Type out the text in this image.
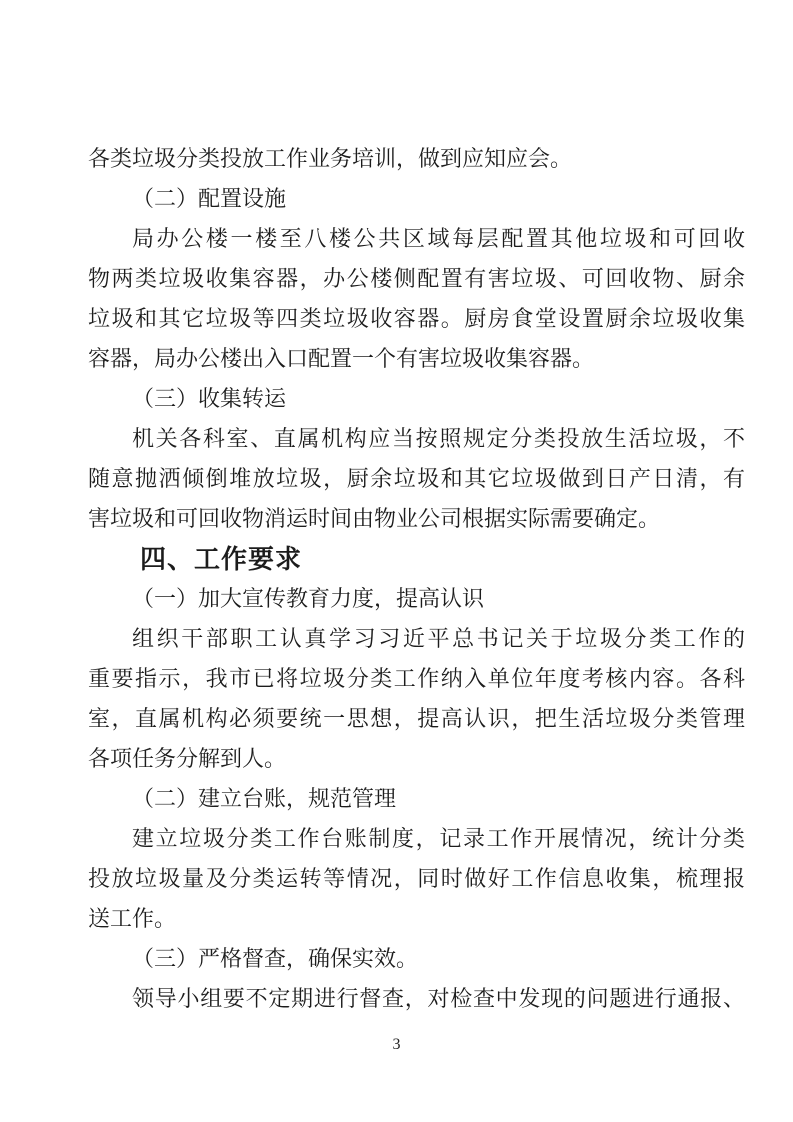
各类垃圾分类投放工作业务培训，做到应知应会。
（二）配置设施
局办公楼一楼至八楼公共区域每层配置其他垃圾和可回收
物两类垃圾收集容器，办公楼侧配置有害垃圾、可回收物、厨余
垃圾和其它垃圾等四类垃圾收容器。厨房食堂设置厨余垃圾收集
容器，局办公楼出入口配置一个有害垃圾收集容器。
（三）收集转运
机关各科室、直属机构应当按照规定分类投放生活垃圾，不
随意抛洒倾倒堆放垃圾，厨余垃圾和其它垃圾做到日产日清，有
害垃圾和可回收物消运时间由物业公司根据实际需要确定。
四、工作要求
（一）加大宣传教育力度，提高认识
组织干部职工认真学习习近平总书记关于垃圾分类工作的
重要指示，我市已将垃圾分类工作纳入单位年度考核内容。各科
室，直属机构必须要统一思想，提高认识，把生活垃圾分类管理
各项任务分解到人。
（二）建立台账，规范管理
建立垃圾分类工作台账制度，记录工作开展情况，统计分类
投放垃圾量及分类运转等情况，同时做好工作信息收集，梳理报
送工作。
（三）严格督查，确保实效。
领导小组要不定期进行督查，对检查中发现的问题进行通报、
3
